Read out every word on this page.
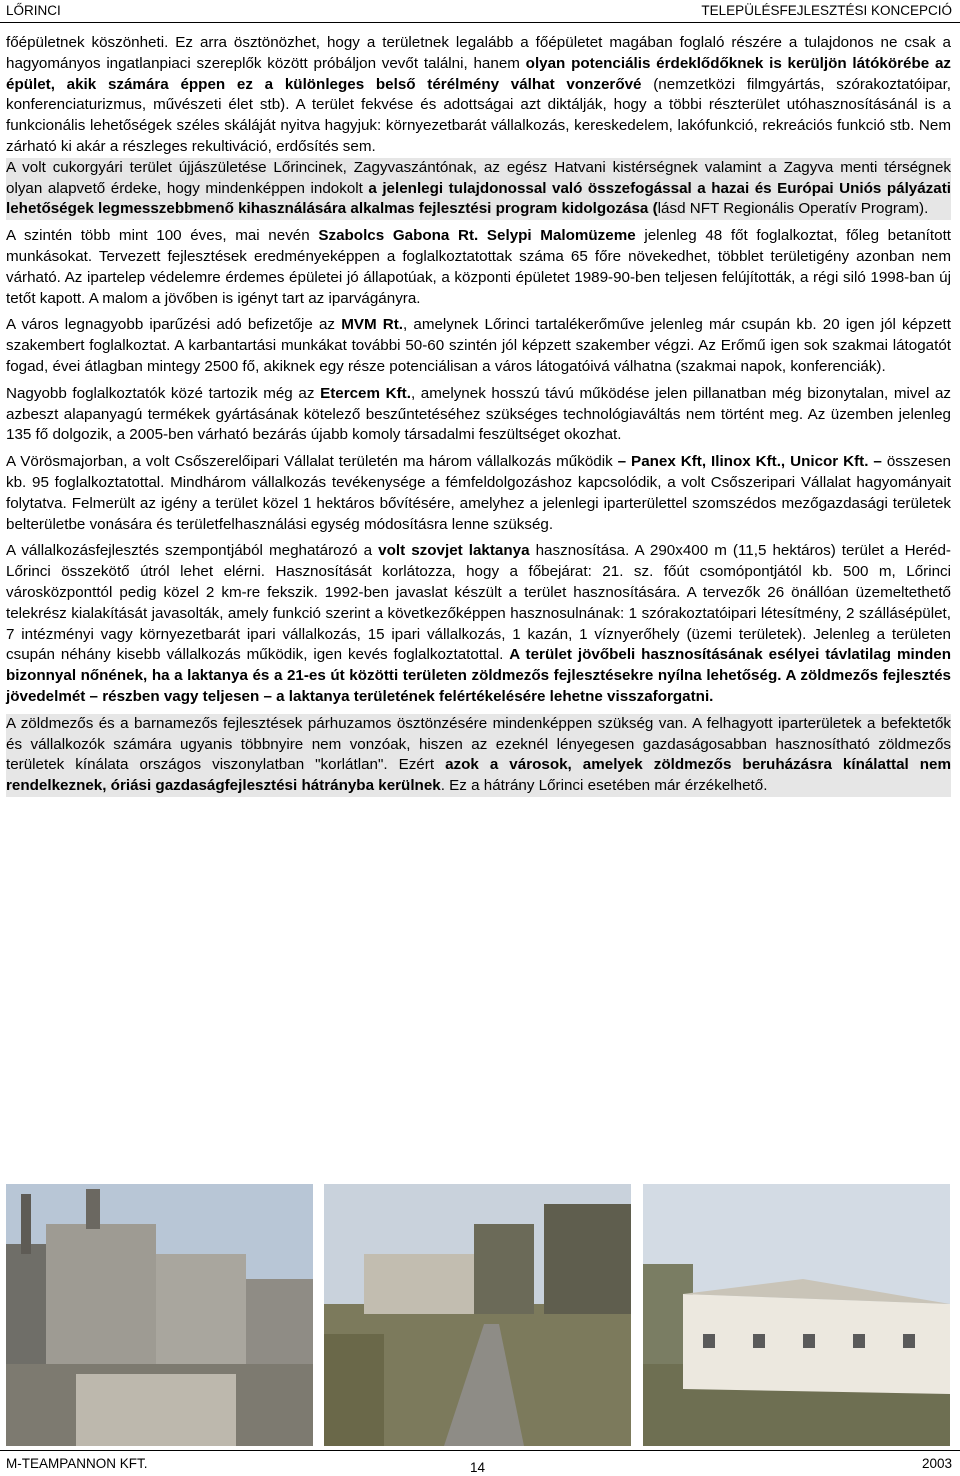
LŐRINCI	TELEPÜLÉSFEJLESZTÉSI KONCEPCIÓ

főépületnek köszönheti. Ez arra ösztönözhet, hogy a területnek legalább a főépületet magában foglaló részére a tulajdonos ne csak a hagyományos ingatlanpiaci szereplők között próbáljon vevőt találni, hanem olyan potenciális érdeklődőknek is kerüljön látókörébe az épület, akik számára éppen ez a különleges belső térélmény válhat vonzerővé (nemzetközi filmgyártás, szórakoztatóipar, konferenciaturizmus, művészeti élet stb). A terület fekvése és adottságai azt diktálják, hogy a többi részterület utóhasznosításánál is a funkcionális lehetőségek széles skáláját nyitva hagyjuk: környezetbarát vállalkozás, kereskedelem, lakófunkció, rekreációs funkció stb. Nem zárható ki akár a részleges rekultiváció, erdősítés sem.

A volt cukorgyári terület újjászületése Lőrincinek, Zagyvaszántónak, az egész Hatvani kistérségnek valamint a Zagyva menti térségnek olyan alapvető érdeke, hogy mindenképpen indokolt a jelenlegi tulajdonossal való összefogással a hazai és Európai Uniós pályázati lehetőségek legmesszebbmenő kihasználására alkalmas fejlesztési program kidolgozása (lásd NFT Regionális Operatív Program).

A szintén több mint 100 éves, mai nevén Szabolcs Gabona Rt. Selypi Malomüzeme jelenleg 48 főt foglalkoztat, főleg betanított munkásokat. Tervezett fejlesztések eredményeképpen a foglalkoztatottak száma 65 főre növekedhet, többlet területigény azonban nem várható. Az ipartelep védelemre érdemes épületei jó állapotúak, a központi épületet 1989-90-ben teljesen felújították, a régi siló 1998-ban új tetőt kapott. A malom a jövőben is igényt tart az iparvágányra.

A város legnagyobb iparűzési adó befizetője az MVM Rt., amelynek Lőrinci tartalékerőműve jelenleg már csupán kb. 20 igen jól képzett szakembert foglalkoztat. A karbantartási munkákat további 50-60 szintén jól képzett szakember végzi. Az Erőmű igen sok szakmai látogatót fogad, évei átlagban mintegy 2500 fő, akiknek egy része potenciálisan a város látogatóivá válhatna (szakmai napok, konferenciák).

Nagyobb foglalkoztatók közé tartozik még az Etercem Kft., amelynek hosszú távú működése jelen pillanatban még bizonytalan, mivel az azbeszt alapanyagú termékek gyártásának kötelező beszűntetéséhez szükséges technológiaváltás nem történt meg. Az üzemben jelenleg 135 fő dolgozik, a 2005-ben várható bezárás újabb komoly társadalmi feszültséget okozhat.

A Vörösmajorban, a volt Csőszerelőipari Vállalat területén ma három vállalkozás működik – Panex Kft, Ilinox Kft., Unicor Kft. – összesen kb. 95 foglalkoztatottal. Mindhárom vállalkozás tevékenysége a fémfeldolgozáshoz kapcsolódik, a volt Csőszeripari Vállalat hagyományait folytatva. Felmerült az igény a terület közel 1 hektáros bővítésére, amelyhez a jelenlegi iparterülettel szomszédos mezőgazdasági területek belterületbe vonására és területfelhasználási egység módosításra lenne szükség.

A vállalkozásfejlesztés szempontjából meghatározó a volt szovjet laktanya hasznosítása. A 290x400 m (11,5 hektáros) terület a Heréd-Lőrinci összekötő útról lehet elérni. Hasznosítását korlátozza, hogy a főbejárat: 21. sz. főút csomópontjától kb. 500 m, Lőrinci városközponttól pedig közel 2 km-re fekszik. 1992-ben javaslat készült a terület hasznosítására. A tervezők 26 önállóan üzemeltethető telekrész kialakítását javasolták, amely funkció szerint a következőképpen hasznosulnának: 1 szórakoztatóipari létesítmény, 2 szállásépület, 7 intézményi vagy környezetbarát ipari vállalkozás, 15 ipari vállalkozás, 1 kazán, 1 víznyerőhely (üzemi területek). Jelenleg a területen csupán néhány kisebb vállalkozás működik, igen kevés foglalkoztatottal. A terület jövőbeli hasznosításának esélyei távlatilag minden bizonnyal nőnének, ha a laktanya és a 21-es út közötti területen zöldmezős fejlesztésekre nyílna lehetőség. A zöldmezős fejlesztés jövedelmét – részben vagy teljesen – a laktanya területének felértékelésére lehetne visszaforgatni.

A zöldmezős és a barnamezős fejlesztések párhuzamos ösztönzésére mindenképpen szükség van. A felhagyott iparterületek a befektetők és vállalkozók számára ugyanis többnyire nem vonzóak, hiszen az ezeknél lényegesen gazdaságosabban hasznosítható zöldmezős területek kínálata országos viszonylatban "korlátlan". Ezért azok a városok, amelyek zöldmezős beruházásra kínálattal nem rendelkeznek, óriási gazdaságfejlesztési hátrányba kerülnek. Ez a hátrány Lőrinci esetében már érzékelhető.

M-TEAMPANNON KFT.	14	2003
